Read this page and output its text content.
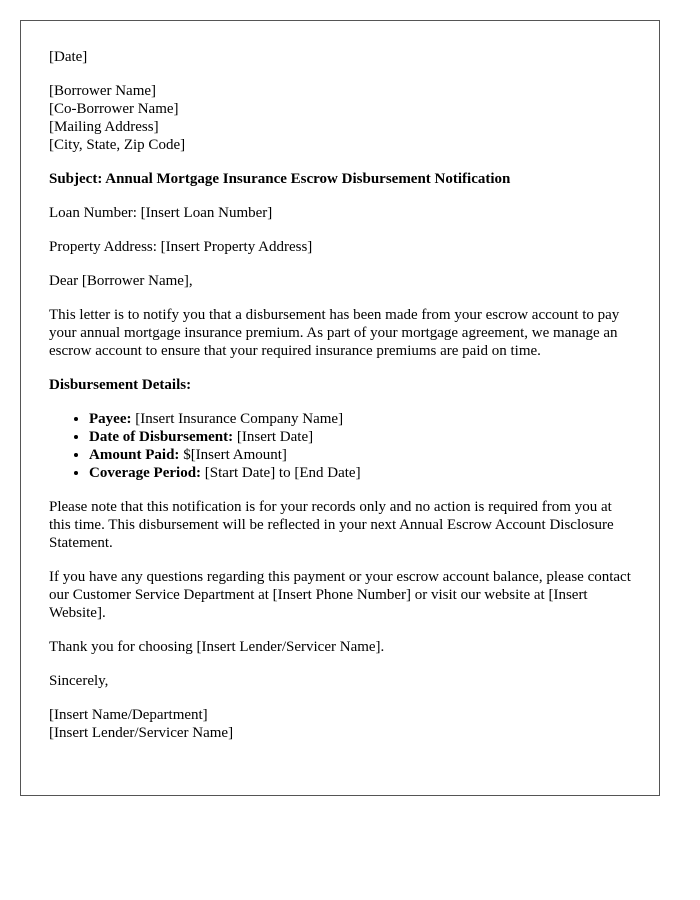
[Date]

[Borrower Name]
[Co-Borrower Name]
[Mailing Address]
[City, State, Zip Code]

Subject: Annual Mortgage Insurance Escrow Disbursement Notification

Loan Number: [Insert Loan Number]

Property Address: [Insert Property Address]

Dear [Borrower Name],

This letter is to notify you that a disbursement has been made from your escrow account to pay your annual mortgage insurance premium. As part of your mortgage agreement, we manage an escrow account to ensure that your required insurance premiums are paid on time.

Disbursement Details:

• Payee: [Insert Insurance Company Name]
• Date of Disbursement: [Insert Date]
• Amount Paid: $[Insert Amount]
• Coverage Period: [Start Date] to [End Date]

Please note that this notification is for your records only and no action is required from you at this time. This disbursement will be reflected in your next Annual Escrow Account Disclosure Statement.

If you have any questions regarding this payment or your escrow account balance, please contact our Customer Service Department at [Insert Phone Number] or visit our website at [Insert Website].

Thank you for choosing [Insert Lender/Servicer Name].

Sincerely,

[Insert Name/Department]
[Insert Lender/Servicer Name]
